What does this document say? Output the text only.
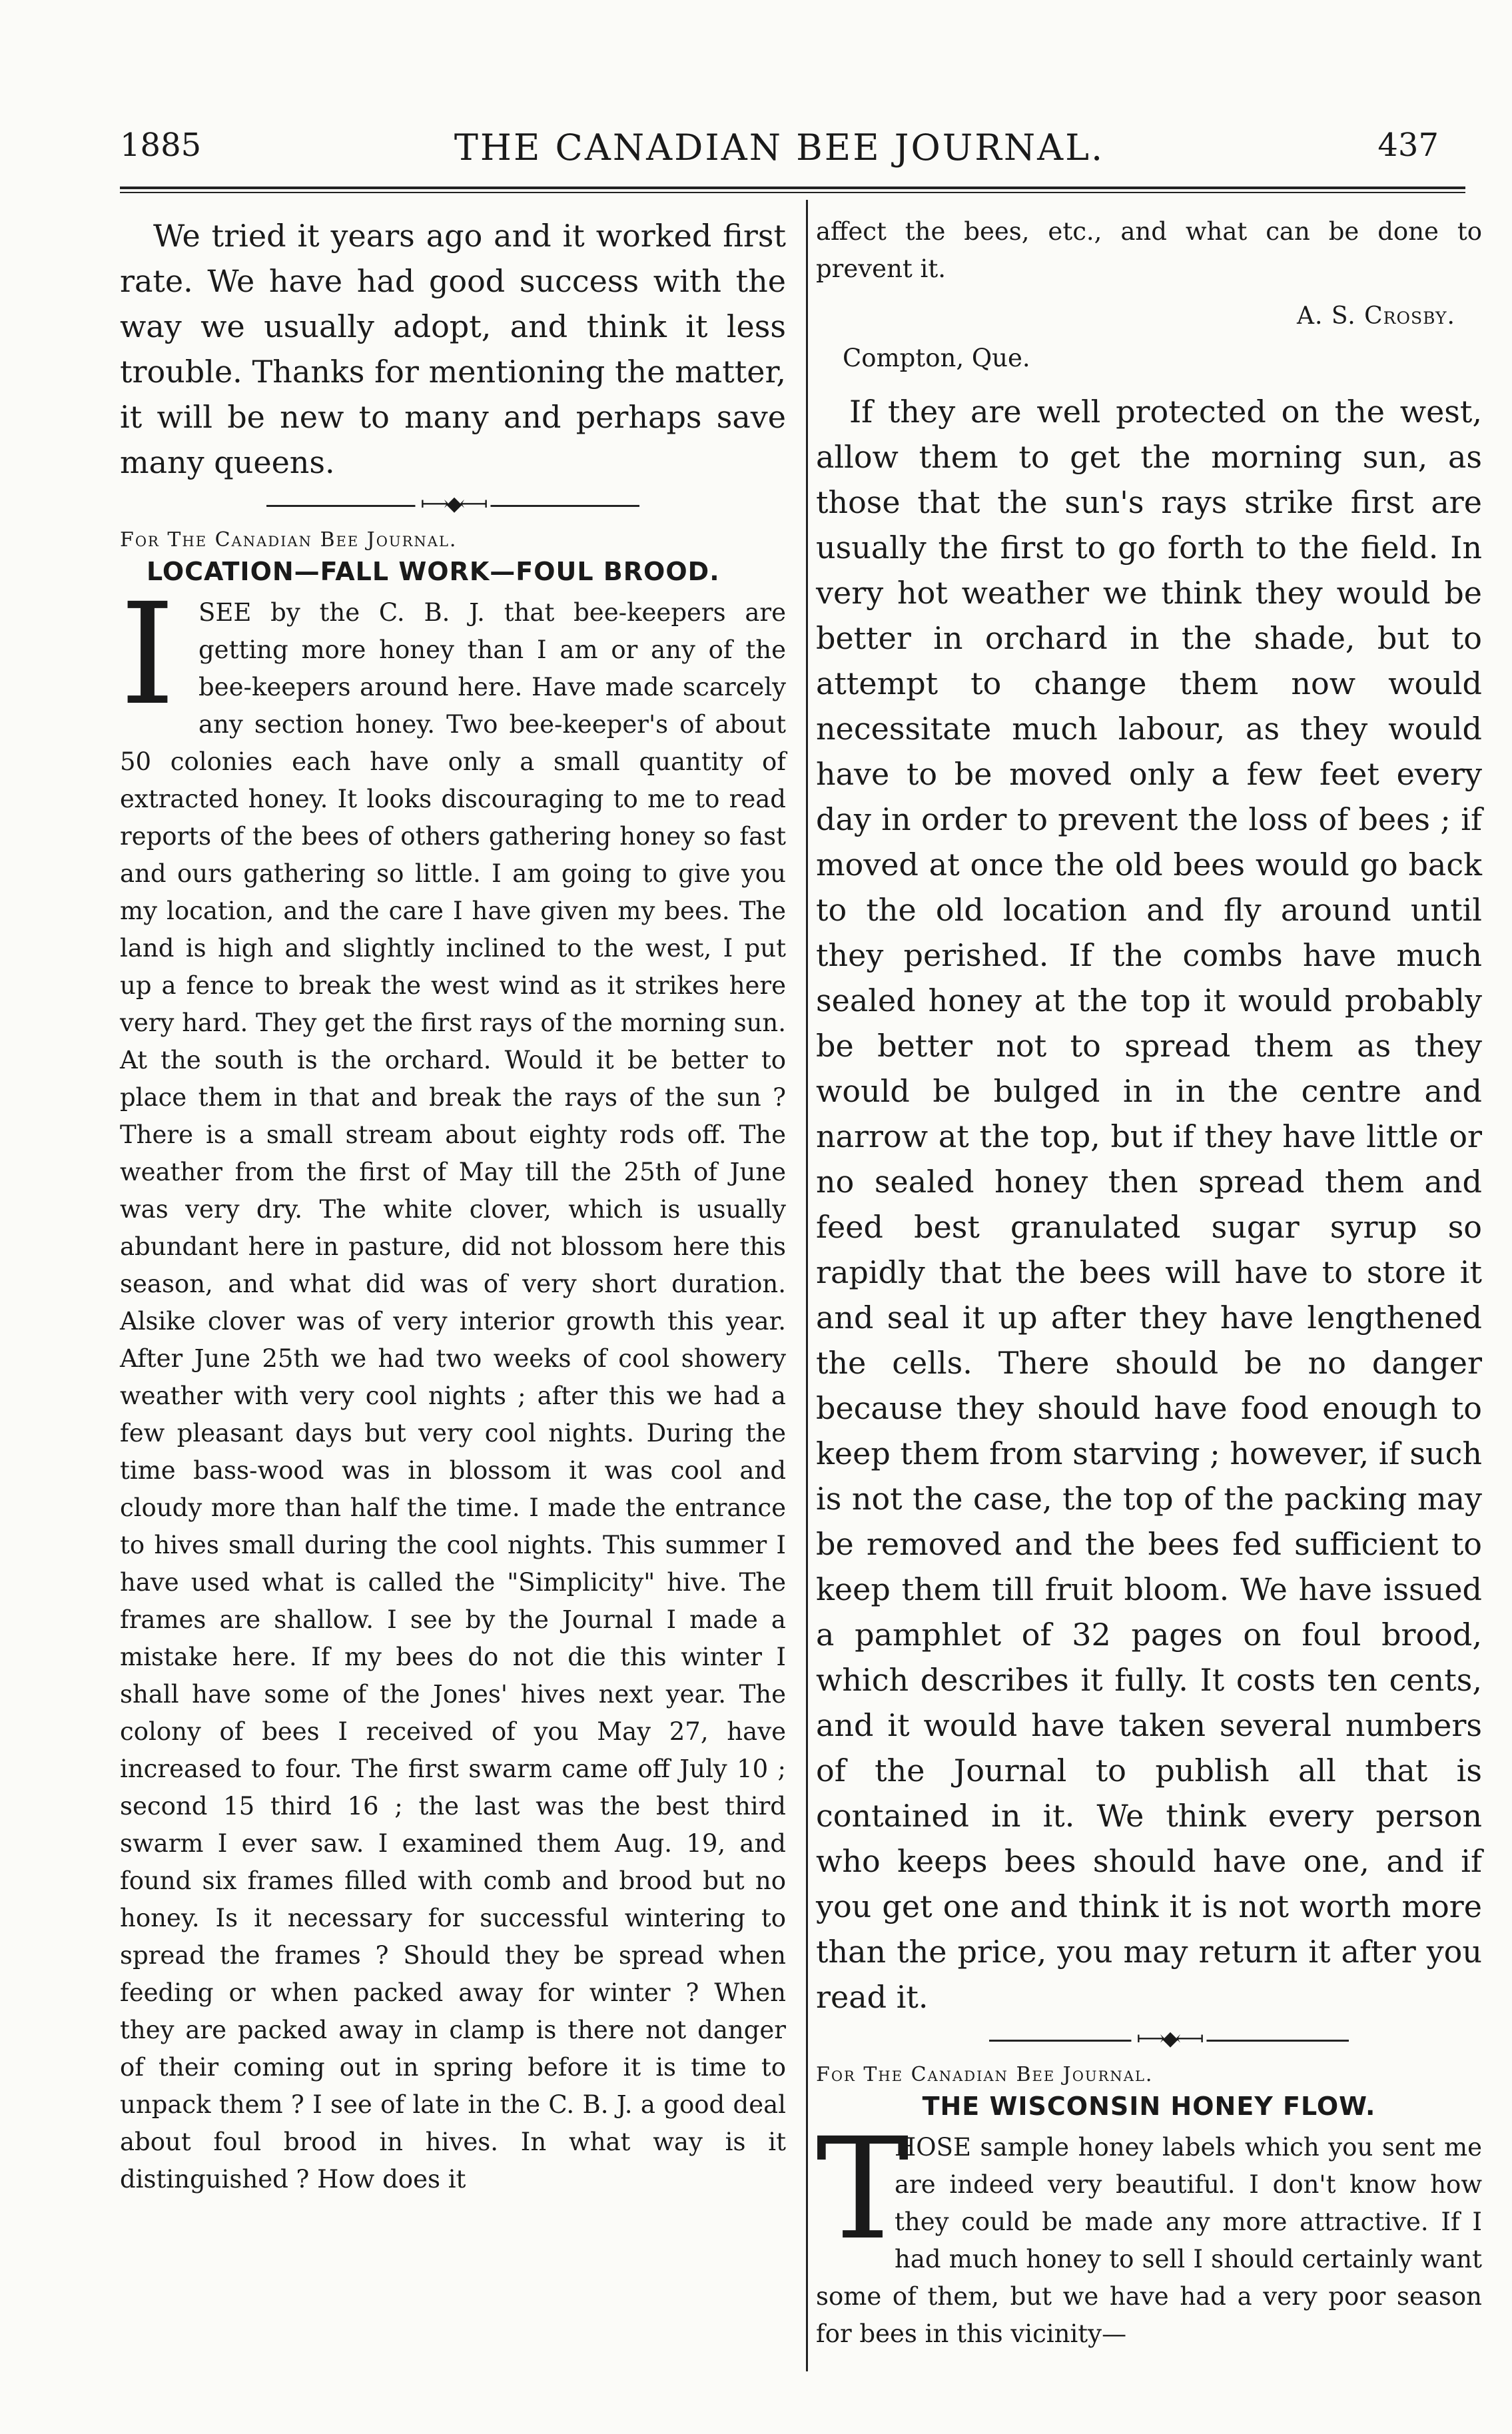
1885	THE CANADIAN BEE JOURNAL.	437

We tried it years ago and it worked first rate. We have had good success with the way we usually adopt, and think it less trouble. Thanks for mentioning the matter, it will be new to many and perhaps save many queens.

⟼◆⟻
For The Canadian Bee Journal.
LOCATION—FALL WORK—FOUL BROOD.

ISEE by the C. B. J. that bee-keepers are getting more honey than I am or any of the bee-keepers around here. Have made scarcely any section honey. Two bee-keeper's of about 50 colonies each have only a small quantity of extracted honey. It looks discouraging to me to read reports of the bees of others gathering honey so fast and ours gathering so little. I am going to give you my location, and the care I have given my bees. The land is high and slightly inclined to the west, I put up a fence to break the west wind as it strikes here very hard. They get the first rays of the morning sun. At the south is the orchard. Would it be better to place them in that and break the rays of the sun ? There is a small stream about eighty rods off. The weather from the first of May till the 25th of June was very dry. The white clover, which is usually abundant here in pasture, did not blossom here this season, and what did was of very short duration. Alsike clover was of very interior growth this year. After June 25th we had two weeks of cool showery weather with very cool nights ; after this we had a few pleasant days but very cool nights. During the time bass-wood was in blossom it was cool and cloudy more than half the time. I made the entrance to hives small during the cool nights. This summer I have used what is called the "Simplicity" hive. The frames are shallow. I see by the Journal I made a mistake here. If my bees do not die this winter I shall have some of the Jones' hives next year. The colony of bees I received of you May 27, have increased to four. The first swarm came off July 10 ; second 15 third 16 ; the last was the best third swarm I ever saw. I examined them Aug. 19, and found six frames filled with comb and brood but no honey. Is it necessary for successful wintering to spread the frames ? Should they be spread when feeding or when packed away for winter ? When they are packed away in clamp is there not danger of their coming out in spring before it is time to unpack them ? I see of late in the C. B. J. a good deal about foul brood in hives. In what way is it distinguished ? How does it

affect the bees, etc., and what can be done to prevent it.

A. S. Crosby.
Compton, Que.

If they are well protected on the west, allow them to get the morning sun, as those that the sun's rays strike first are usually the first to go forth to the field. In very hot weather we think they would be better in orchard in the shade, but to attempt to change them now would necessitate much labour, as they would have to be moved only a few feet every day in order to prevent the loss of bees ; if moved at once the old bees would go back to the old location and fly around until they perished. If the combs have much sealed honey at the top it would probably be better not to spread them as they would be bulged in in the centre and narrow at the top, but if they have little or no sealed honey then spread them and feed best granulated sugar syrup so rapidly that the bees will have to store it and seal it up after they have lengthened the cells. There should be no danger because they should have food enough to keep them from starving ; however, if such is not the case, the top of the packing may be removed and the bees fed sufficient to keep them till fruit bloom. We have issued a pamphlet of 32 pages on foul brood, which describes it fully. It costs ten cents, and it would have taken several numbers of the Journal to publish all that is contained in it. We think every person who keeps bees should have one, and if you get one and think it is not worth more than the price, you may return it after you read it.

⟼◆⟻
For The Canadian Bee Journal.
THE WISCONSIN HONEY FLOW.

T
HOSE sample honey labels which you sent me are indeed very beautiful. I don't know how they could be made any more attractive. If I had much honey to sell I should certainly want some of them, but we have had a very poor season for bees in this vicinity—
